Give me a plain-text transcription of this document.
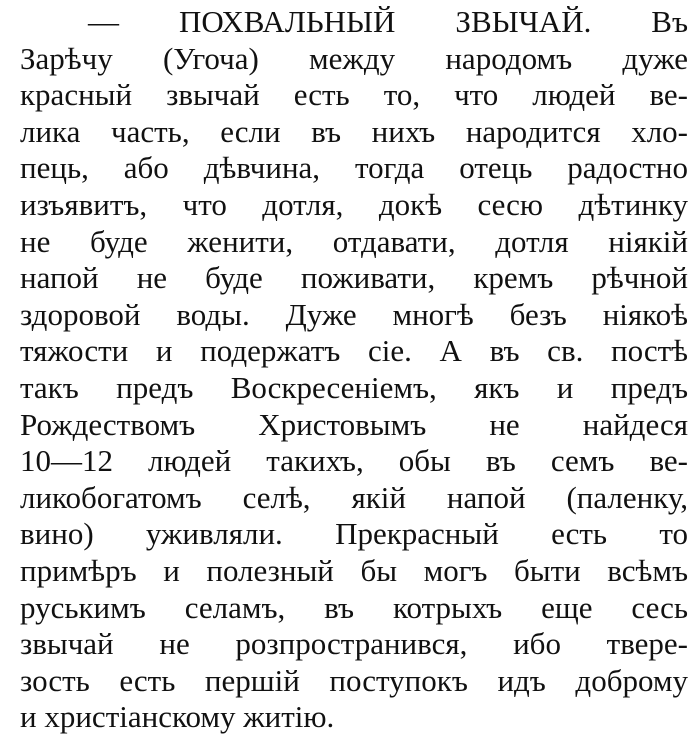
— ПОХВАЛЬНЫЙ ЗВЫЧАЙ. Въ
Зарѣчу (Угоча) между народомъ дуже
красный звычай есть то, что людей ве-
лика часть, если въ нихъ народится хло-
пець, або дѣвчина, тогда отець радостно
изъявитъ, что дотля, докѣ сесю дѣтинку
не буде женити, отдавати, дотля нiякiй
напой не буде поживати, кремъ рѣчной
здоровой воды. Дуже многѣ безъ нiякоѣ
тяжости и подержатъ сiе. А въ св. постѣ
такъ предъ Воскресенiемъ, якъ и предъ
Рождествомъ Христовымъ не найдеся
10—12 людей такихъ, обы въ семъ ве-
ликобогатомъ селѣ, якiй напой (паленку,
вино) уживляли. Прекрасный есть то
примѣръ и полезный бы могъ быти всѣмъ
руськимъ селамъ, въ котрыхъ еще сесь
звычай не розпространився, ибо твере-
зость есть першiй поступокъ идъ доброму
и христiанскому житiю.
